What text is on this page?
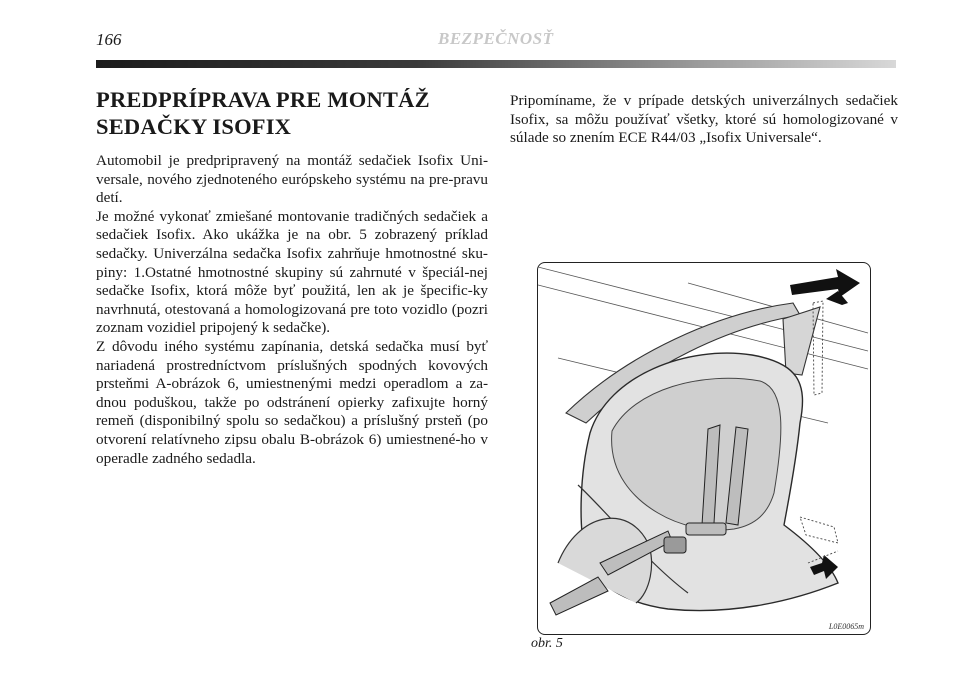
166	BEZPEČNOSŤ
PREDPRÍPRAVA PRE MONTÁŽ
SEDAČKY ISOFIX

Automobil je predpripravený na montáž sedačiek Isofix Uni-versale, nového zjednoteného európskeho systému na pre-pravu detí.

Je možné vykonať zmiešané montovanie tradičných sedačiek a sedačiek Isofix. Ako ukážka je na obr. 5 zobrazený príklad sedačky. Univerzálna sedačka Isofix zahrňuje hmotnostné sku-piny: 1.Ostatné hmotnostné skupiny sú zahrnuté v špeciál-nej sedačke Isofix, ktorá môže byť použitá, len ak je špecific-ky navrhnutá, otestovaná a homologizovaná pre toto vozidlo (pozri zoznam vozidiel pripojený k sedačke).

Z dôvodu iného systému zapínania, detská sedačka musí byť nariadená prostredníctvom príslušných spodných kovových prsteňmi A-obrázok 6, umiestnenými medzi operadlom a za-dnou poduškou, takže po odstránení opierky zafixujte horný remeň (disponibilný spolu so sedačkou) a príslušný prsteň (po otvorení relatívneho zipsu obalu B-obrázok 6) umiestnené-ho v operadle zadného sedadla.

Pripomíname, že v prípade detských univerzálnych sedačiek Isofix, sa môžu používať všetky, ktoré sú homologizované v súlade so znením ECE R44/03 „Isofix Universale“.

L0E0065m
obr. 5
